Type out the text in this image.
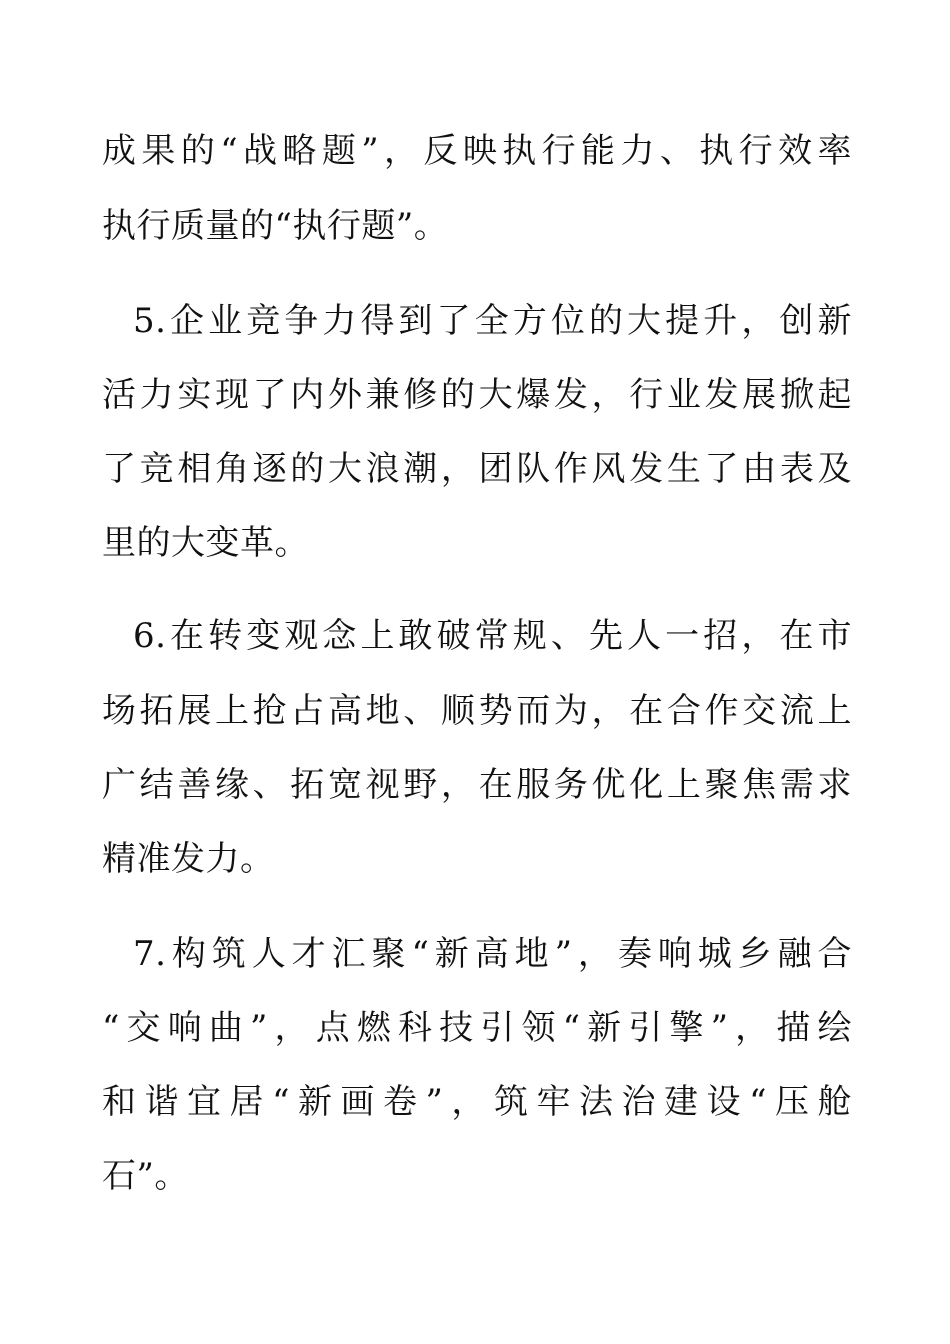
成果的“战略题”，反映执行能力、执行效率
执行质量的“执行题”。
5.企业竞争力得到了全方位的大提升，创新
活力实现了内外兼修的大爆发，行业发展掀起
了竞相角逐的大浪潮，团队作风发生了由表及
里的大变革。
6.在转变观念上敢破常规、先人一招，在市
场拓展上抢占高地、顺势而为，在合作交流上
广结善缘、拓宽视野，在服务优化上聚焦需求
精准发力。
7.构筑人才汇聚“新高地”，奏响城乡融合
“交响曲”，点燃科技引领“新引擎”，描绘
和谐宜居“新画卷”，筑牢法治建设“压舱
石”。
